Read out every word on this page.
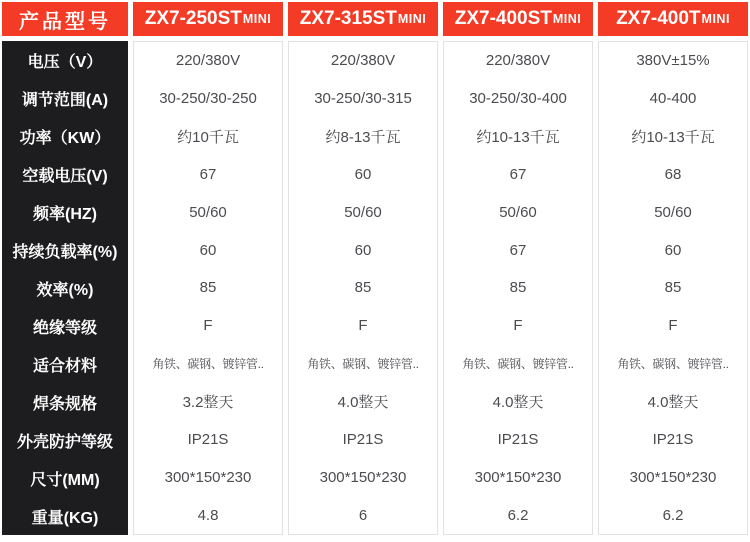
产品型号
电压（V）
调节范围(A)
功率（KW）
空载电压(V)
频率(HZ)
持续负载率(%)
效率(%)
绝缘等级
适合材料
焊条规格
外壳防护等级
尺寸(MM)
重量(KG)
ZX7-250ST MINI
220/380V
30-250/30-250
约10千瓦
67
50/60
60
85
F
角铁、碳钢、镀锌管..
3.2整天
IP21S
300*150*230
4.8
ZX7-315ST MINI
220/380V
30-250/30-315
约8-13千瓦
60
50/60
60
85
F
角铁、碳钢、镀锌管..
4.0整天
IP21S
300*150*230
6
ZX7-400ST MINI
220/380V
30-250/30-400
约10-13千瓦
67
50/60
67
85
F
角铁、碳钢、镀锌管..
4.0整天
IP21S
300*150*230
6.2
ZX7-400T MINI
380V±15%
40-400
约10-13千瓦
68
50/60
60
85
F
角铁、碳钢、镀锌管..
4.0整天
IP21S
300*150*230
6.2
